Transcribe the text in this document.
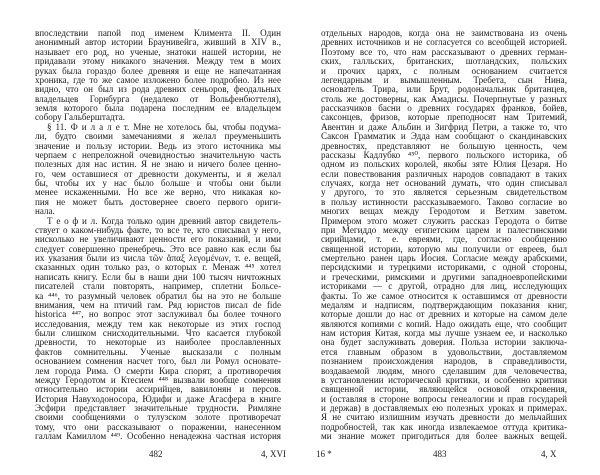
впоследствии папой под именем Климента II. Один
анонимный автор истории Браунивейга, живший в XIV в.,
называет его род, но ученые, знатоки нашей истории, не
придавали этому никакого значения. Между тем в моих
руках была гораздо более древняя и еще не напечатанная
хроника, где то же самое изложено более подробно. Из нее
видно, что он был из рода древних сеньоров, феодальных
владельцев Горнбурга (недалеко от Вольфенбюттеля),
земля которого была подарена последним ее владельцем
собору Гальберштадта.
§ 11. Ф и л а л е т. Мне не хотелось бы, чтобы подума-
ли, будто своими замечаниями я желал преуменьшить
значение и пользу истории. Ведь из этого источника мы
черпаем с непреложной очевидностью значительную часть
полезных для нас истин. Я не знаю и ничего более ценно-
го, чем оставшиеся от древности документы, и я желал
бы, чтобы их у нас было больше и чтобы они были
менее искаженными. Но все же верно, что никакая ко-
пия не может быть достовернее своего первого ориги-
нала.
Т е о ф и л. Когда только один древний автор свидетель-
ствует о каком-нибудь факте, то все те, кто списывал у него,
нисколько не увеличивают ценности его показаний, и ими
следует совершенно пренебречь. Это все равно как если бы
их указания были из числа τῶν ἅπαξ λεγομένων, т. е. вещей,
сказанных один только раз, о которых г. Менаж ⁴⁴⁵ хотел
написать книгу. Если бы в наши дни 100 тысяч ничтожных
писателей стали повторять, например, сплетни Больсе-
ка ⁴⁴⁶, то разумный человек обратил бы на это не больше
внимания, чем на птичий гам. Ряд юристов писал de fide
historica ⁴⁴⁷, но вопрос этот заслуживал бы более точного
исследования, между тем как некоторые из этих господ
были слишком снисходительными. Что касается глубокой
древности, то некоторые из наиболее прославленных
фактов сомнительны. Ученые высказали с полным
основанием сомнения насчет того, был ли Ромул основате-
лем города Рима. О смерти Кира спорят, а противоречия
между Геродотом и Ктесием ⁴⁴⁸ вызвали вообще сомнения
относительно истории ассирийцев, вавилонян и персов.
История Навуходоносора, Юдифи и даже Агасфера в книге
Эсфири представляет значительные трудности. Римляне
своими сообщениями о тулузском золоте противоречат
тому, что они рассказывают о поражении, нанесенном
галлам Камиллом ⁴⁴⁹. Особенно ненадежна частная история
отдельных народов, когда она не заимствована из очень
древних источников и не согласуется со всеобщей историей.
Поэтому все то, что нам рассказывают о древних герман-
ских, галльских, британских, шотландских, польских
и прочих царях, с полным основанием считается
легендарным и вымышленным. Требета, сын Нина,
основатель Трира, или Брут, родоначальник британцев,
столь же достоверны, как Амадисы. Почерпнутые у разных
рассказчиков басни о древних государях франков, бойев,
саксонцев, фризов, которые преподносят нам Тритемий,
Авентин и даже Альбин и Зигфрид Петри, а также то, что
Саксон Грамматик и Эдда нам сообщают о скандинавских
древностях, представляют не большую ценность, чем
рассказы Кадлубко ⁴⁵⁰, первого польского историка, об
одном из польских королей, якобы зяте Юлия Цезаря. Но
если повествования различных народов совпадают в таких
случаях, когда нет оснований думать, что один списывал
у другого, то это является серьезным свидетельством
в пользу истинности рассказываемого. Таково согласие во
многих вещах между Геродотом и Ветхим заветом.
Примером этого может служить рассказ Геродота о битве
при Мегиддо между египетским царем и палестинскими
сирийцами, т. е. евреями, где, согласно сообщению
священной истории, которую мы получили от евреев, был
смертельно ранен царь Иосия. Согласие между арабскими,
персидскими и турецкими историками, с одной стороны,
и греческими, римскими и другими западноевропейскими
историками — с другой, отрадно для лиц, исследующих
факты. То же самое относится к оставшимся от древности
медалям и надписям, подтверждающим показания книг,
которые дошли до нас от древних и которые на самом деле
являются копиями с копий. Надо ожидать еще, что сообщит
нам история Китая, когда мы лучше узнаем ее, и насколько
она будет заслуживать доверия. Польза истории заключа-
ется главным образом в удовольствии, доставляемом
познанием происхождения народов, в справедливости,
воздаваемой людям, много сделавшим для человечества,
в установлении исторической критики, и особенно критики
священной истории, являющейся основой откровения,
и (оставляя в стороне вопросы генеалогии и прав государей
и держав) в доставляемых ею полезных уроках и примерах.
Я не считаю излишним изучать древности до мельчайших
подробностей, так как иногда извлекаемое оттуда критика-
ми знание может пригодиться для более важных вещей.
482	4, XVI	16 *	483	4, X
